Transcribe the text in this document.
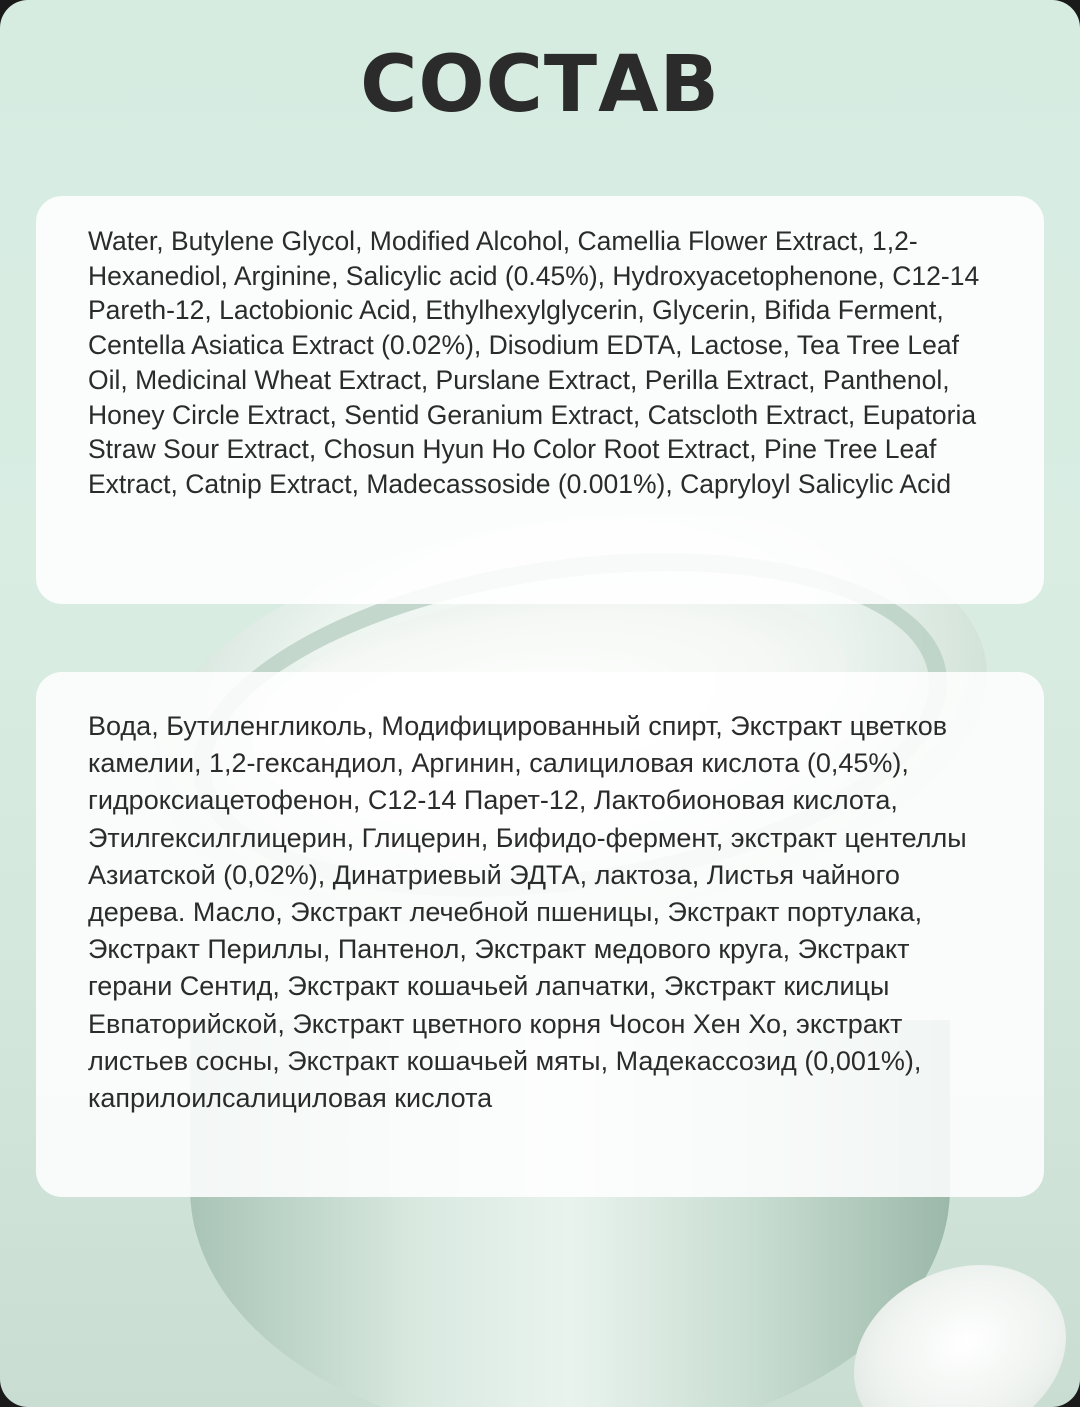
СОСТАВ

Water, Butylene Glycol, Modified Alcohol, Camellia Flower Extract, 1,2-Hexanediol, Arginine, Salicylic acid (0.45%), Hydroxyacetophenone, C12-14 Pareth-12, Lactobionic Acid, Ethylhexylglycerin, Glycerin, Bifida Ferment, Centella Asiatica Extract (0.02%), Disodium EDTA, Lactose, Tea Tree Leaf Oil, Medicinal Wheat Extract, Purslane Extract, Perilla Extract, Panthenol, Honey Circle Extract, Sentid Geranium Extract, Catscloth Extract, Eupatoria Straw Sour Extract, Chosun Hyun Ho Color Root Extract, Pine Tree Leaf Extract, Catnip Extract, Madecassoside (0.001%), Capryloyl Salicylic Acid

Вода, Бутиленгликоль, Модифицированный спирт, Экстракт цветков камелии, 1,2-гександиол, Аргинин, салициловая кислота (0,45%), гидроксиацетофенон, С12-14 Парет-12, Лактобионовая кислота, Этилгексилглицерин, Глицерин, Бифидо-фермент, экстракт центеллы Азиатской (0,02%), Динатриевый ЭДТА, лактоза, Листья чайного дерева. Масло, Экстракт лечебной пшеницы, Экстракт портулака, Экстракт Периллы, Пантенол, Экстракт медового круга, Экстракт герани Сентид, Экстракт кошачьей лапчатки, Экстракт кислицы Евпаторийской, Экстракт цветного корня Чосон Хен Хо, экстракт листьев сосны, Экстракт кошачьей мяты, Мадекассозид (0,001%), каприлоилсалициловая кислота
